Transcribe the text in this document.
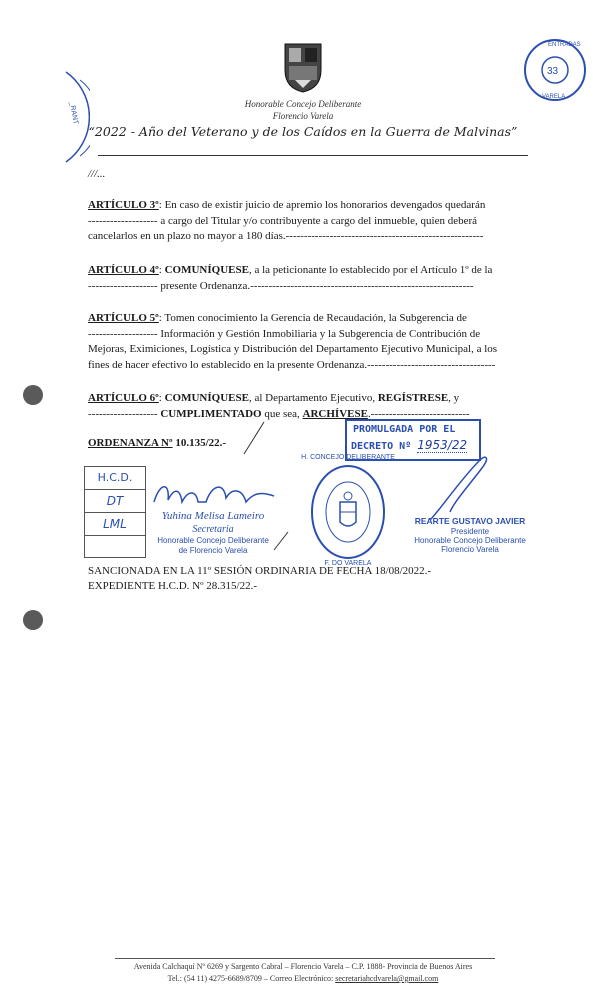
_RANT
33
ENTRADAS
VARELA
Honorable Concejo Deliberante
Florencio Varela
“2022 - Año del Veterano y de los Caídos en la Guerra de Malvinas”
///...
ARTÍCULO 3º: En caso de existir juicio de apremio los honorarios devengados quedarán
------------------- a cargo del Titular y/o contribuyente a cargo del inmueble, quien deberá
cancelarlos en un plazo no mayor a 180 días.------------------------------------------------------
ARTÍCULO 4º: COMUNÍQUESE, a la peticionante lo establecido por el Artículo 1º de la
------------------- presente Ordenanza.-------------------------------------------------------------
ARTÍCULO 5º: Tomen conocimiento la Gerencia de Recaudación, la Subgerencia de
------------------- Información y Gestión Inmobiliaria y la Subgerencia de Contribución de
Mejoras, Eximiciones, Logística y Distribución del Departamento Ejecutivo Municipal, a los
fines de hacer efectivo lo establecido en la presente Ordenanza.-----------------------------------
ARTÍCULO 6º: COMUNÍQUESE, al Departamento Ejecutivo, REGÍSTRESE, y
------------------- CUMPLIMENTADO que sea, ARCHÍVESE.---------------------------
ORDENANZA Nº 10.135/22.-
PROMULGADA POR EL
DECRETO Nº 1953/22
H.C.D.
DT
LML
Yuhina Melisa Lameiro
Secretaria
Honorable Concejo Deliberante
de Florencio Varela
H. CONCEJO DELIBERANTE
F. DO VARELA
REARTE GUSTAVO JAVIER
Presidente
Honorable Concejo Deliberante
Florencio Varela
SANCIONADA EN LA 11º SESIÓN ORDINARIA DE FECHA 18/08/2022.-
EXPEDIENTE H.C.D. Nº 28.315/22.-
Avenida Calchaquí Nº 6269 y Sargento Cabral – Florencio Varela – C.P. 1888- Provincia de Buenos Aires
Tel.: (54 11) 4275-6689/8709 – Correo Electrónico: secretariahcdvarela@gmail.com
